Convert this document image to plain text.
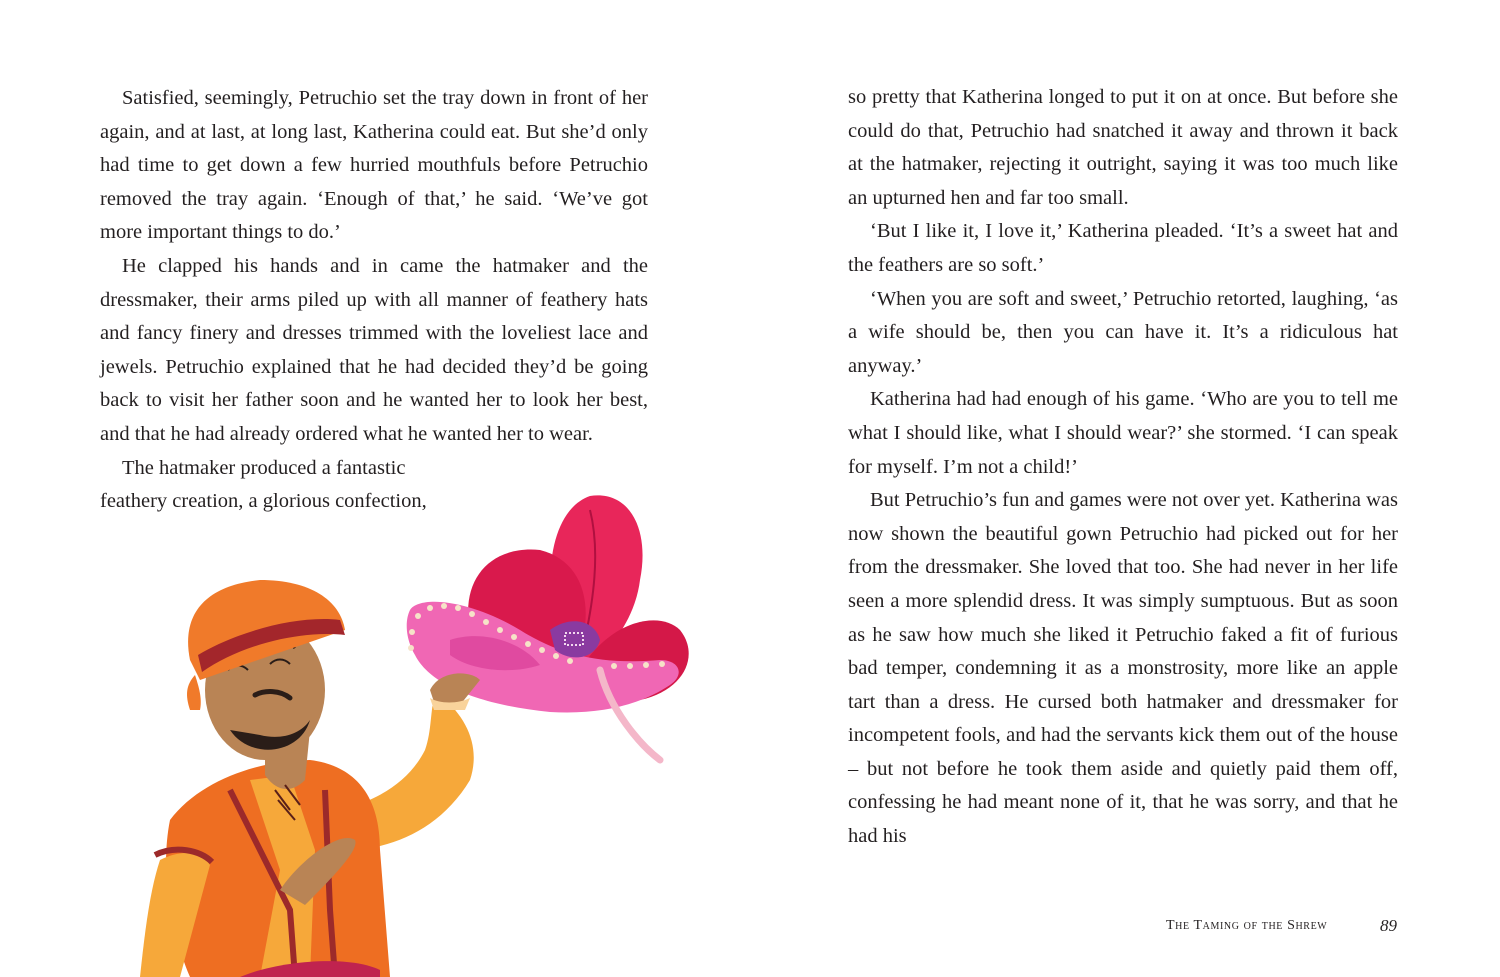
Satisfied, seemingly, Petruchio set the tray down in front of her again, and at last, at long last, Katherina could eat. But she’d only had time to get down a few hurried mouthfuls before Petruchio removed the tray again. ‘Enough of that,’ he said. ‘We’ve got more important things to do.’

He clapped his hands and in came the hatmaker and the dressmaker, their arms piled up with all manner of feathery hats and fancy finery and dresses trimmed with the loveliest lace and jewels. Petruchio explained that he had decided they’d be going back to visit her father soon and he wanted her to look her best, and that he had already ordered what he wanted her to wear.

The hatmaker produced a fantastic feathery creation, a glorious confection,

so pretty that Katherina longed to put it on at once. But before she could do that, Petruchio had snatched it away and thrown it back at the hatmaker, rejecting it outright, saying it was too much like an upturned hen and far too small.

‘But I like it, I love it,’ Katherina pleaded. ‘It’s a sweet hat and the feathers are so soft.’

‘When you are soft and sweet,’ Petruchio retorted, laughing, ‘as a wife should be, then you can have it. It’s a ridiculous hat anyway.’

Katherina had had enough of his game. ‘Who are you to tell me what I should like, what I should wear?’ she stormed. ‘I can speak for myself. I’m not a child!’

But Petruchio’s fun and games were not over yet. Katherina was now shown the beautiful gown Petruchio had picked out for her from the dressmaker. She loved that too. She had never in her life seen a more splendid dress. It was simply sumptuous. But as soon as he saw how much she liked it Petruchio faked a fit of furious bad temper, condemning it as a monstrosity, more like an apple tart than a dress. He cursed both hatmaker and dressmaker for incompetent fools, and had the servants kick them out of the house – but not before he took them aside and quietly paid them off, confessing he had meant none of it, that he was sorry, and that he had his

The Taming of the Shrew	89
